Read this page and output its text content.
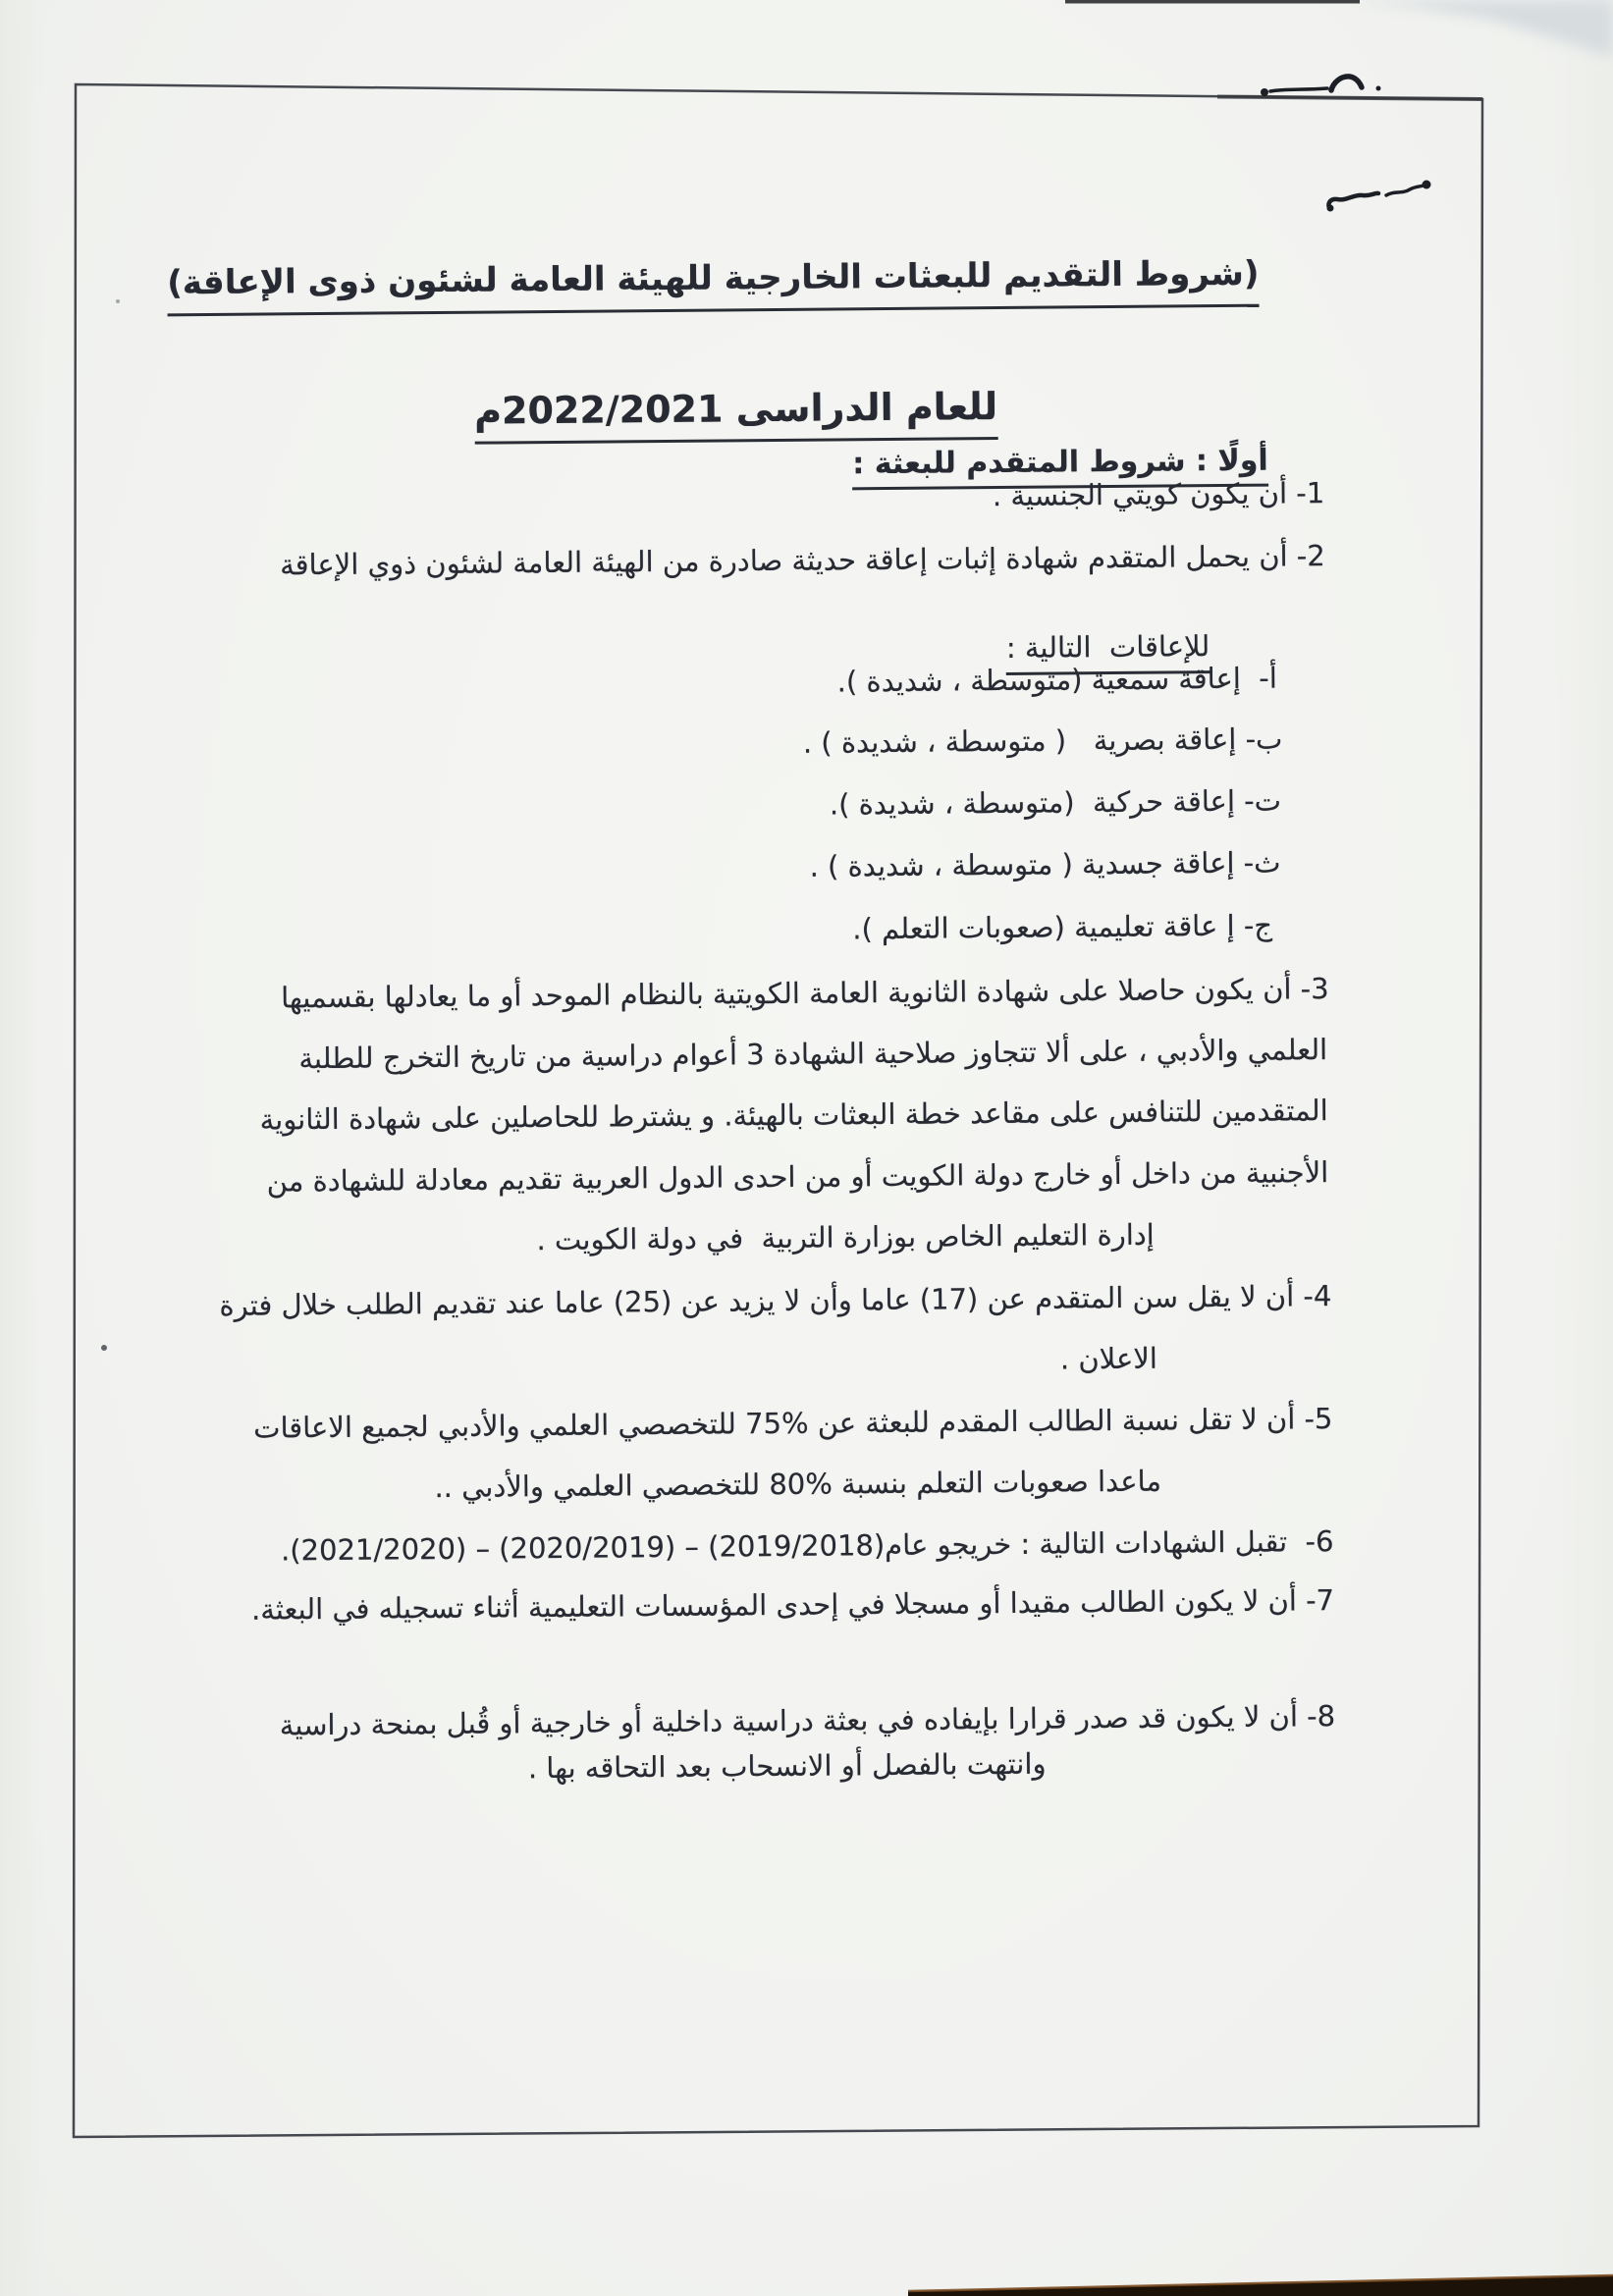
(شروط التقديم للبعثات الخارجية للهيئة العامة لشئون ذوى الإعاقة)

للعام الدراسى 2022/2021م

أولًا : شروط المتقدم للبعثة :

1- أن يكون كويتي الجنسية .
2- أن يحمل المتقدم شهادة إثبات إعاقة حديثة صادرة من الهيئة العامة لشئون ذوي الإعاقة

للإعاقات  التالية :

أ-  إعاقة سمعية (متوسطة ، شديدة ).
ب- إعاقة بصرية   ( متوسطة ، شديدة ) .
ت- إعاقة حركية  (متوسطة ، شديدة ).
ث- إعاقة جسدية ( متوسطة ، شديدة ) .
ج- إ عاقة تعليمية (صعوبات التعلم ).
3- أن يكون حاصلا على شهادة الثانوية العامة الكويتية بالنظام الموحد أو ما يعادلها بقسميها
العلمي والأدبي ، على ألا تتجاوز صلاحية الشهادة 3 أعوام دراسية من تاريخ التخرج للطلبة
المتقدمين للتنافس على مقاعد خطة البعثات بالهيئة. و يشترط للحاصلين على شهادة الثانوية
الأجنبية من داخل أو خارج دولة الكويت أو من احدى الدول العربية تقديم معادلة للشهادة من
إدارة التعليم الخاص بوزارة التربية  في دولة الكويت .
4- أن لا يقل سن المتقدم عن (17) عاما وأن لا يزيد عن (25) عاما عند تقديم الطلب خلال فترة
الاعلان .
5- أن لا تقل نسبة الطالب المقدم للبعثة عن %75 للتخصصي العلمي والأدبي لجميع الاعاقات
ماعدا صعوبات التعلم بنسبة %80 للتخصصي العلمي والأدبي ..
6-  تقبل الشهادات التالية : خريجو عام(2019/2018) – (2020/2019) – (2021/2020).
7- أن لا يكون الطالب مقيدا أو مسجلا في إحدى المؤسسات التعليمية أثناء تسجيله في البعثة.
8- أن لا يكون قد صدر قرارا بإيفاده في بعثة دراسية داخلية أو خارجية أو قُبل بمنحة دراسية
وانتهت بالفصل أو الانسحاب بعد التحاقه بها .
